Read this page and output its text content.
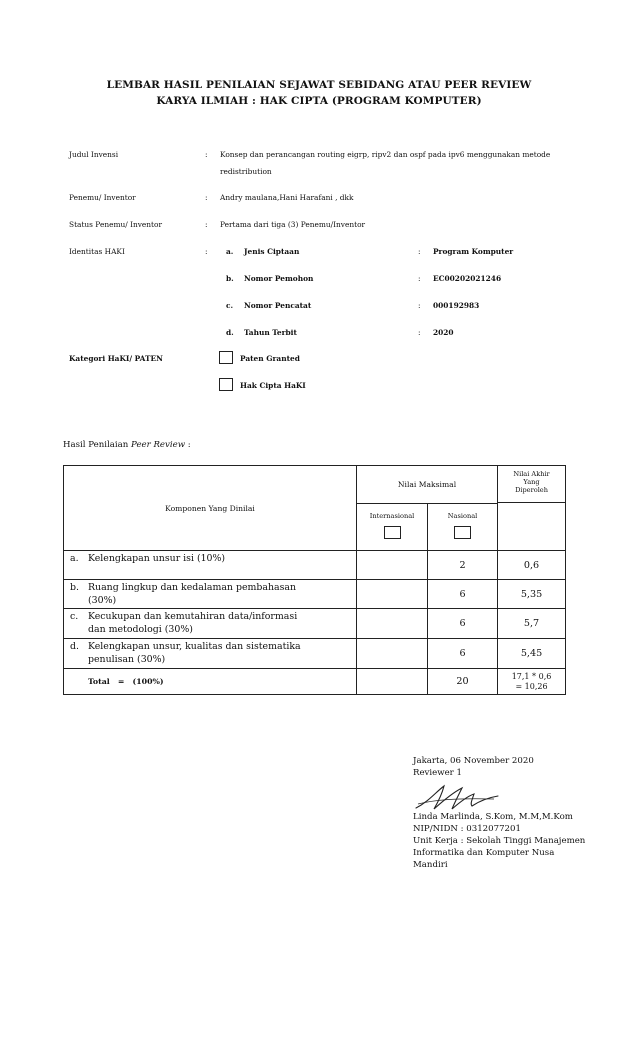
LEMBAR HASIL PENILAIAN SEJAWAT SEBIDANG ATAU PEER REVIEW
KARYA ILMIAH : HAK CIPTA (PROGRAM KOMPUTER)
Judul Invensi	: Konsep dan perancangan routing eigrp, ripv2 dan ospf pada ipv6 menggunakan metode
redistribution
Penemu/ Inventor	: Andry maulana,Hani Harafani , dkk
Status Penemu/ Inventor	: Pertama dari tiga (3) Penemu/Inventor
Identitas HAKI	:	a. Jenis Ciptaan	: Program Komputer
b. Nomor Pemohon	: EC00202021246
c. Nomor Pencatat	: 000192983
d. Tahun Terbit	: 2020
Kategori HaKI/ PATEN	Paten Granted
Hak Cipta HaKI
Hasil Penilaian Peer Review :
Komponen Yang Dinilai	Nilai Maksimal		Nilai Akhir
Yang
Diperoleh

	Internasional	Nasional	

a. Kelengkapan unsur isi (10%)		2	0,6
b. Ruang lingkup dan kedalaman pembahasan
(30%)		6	5,35
c. Kecukupan dan kemutahiran data/informasi
dan metodologi (30%)		6	5,7
d. Kelengkapan unsur, kualitas dan sistematika
penulisan (30%)		6	5,45
Total   =   (100%)		20	17,1 * 0,6
= 10,26
Jakarta, 06 November 2020
Reviewer 1
Linda Marlinda, S.Kom, M.M,M.Kom
NIP/NIDN : 0312077201
Unit Kerja : Sekolah Tinggi Manajemen
Informatika dan Komputer Nusa
Mandiri
